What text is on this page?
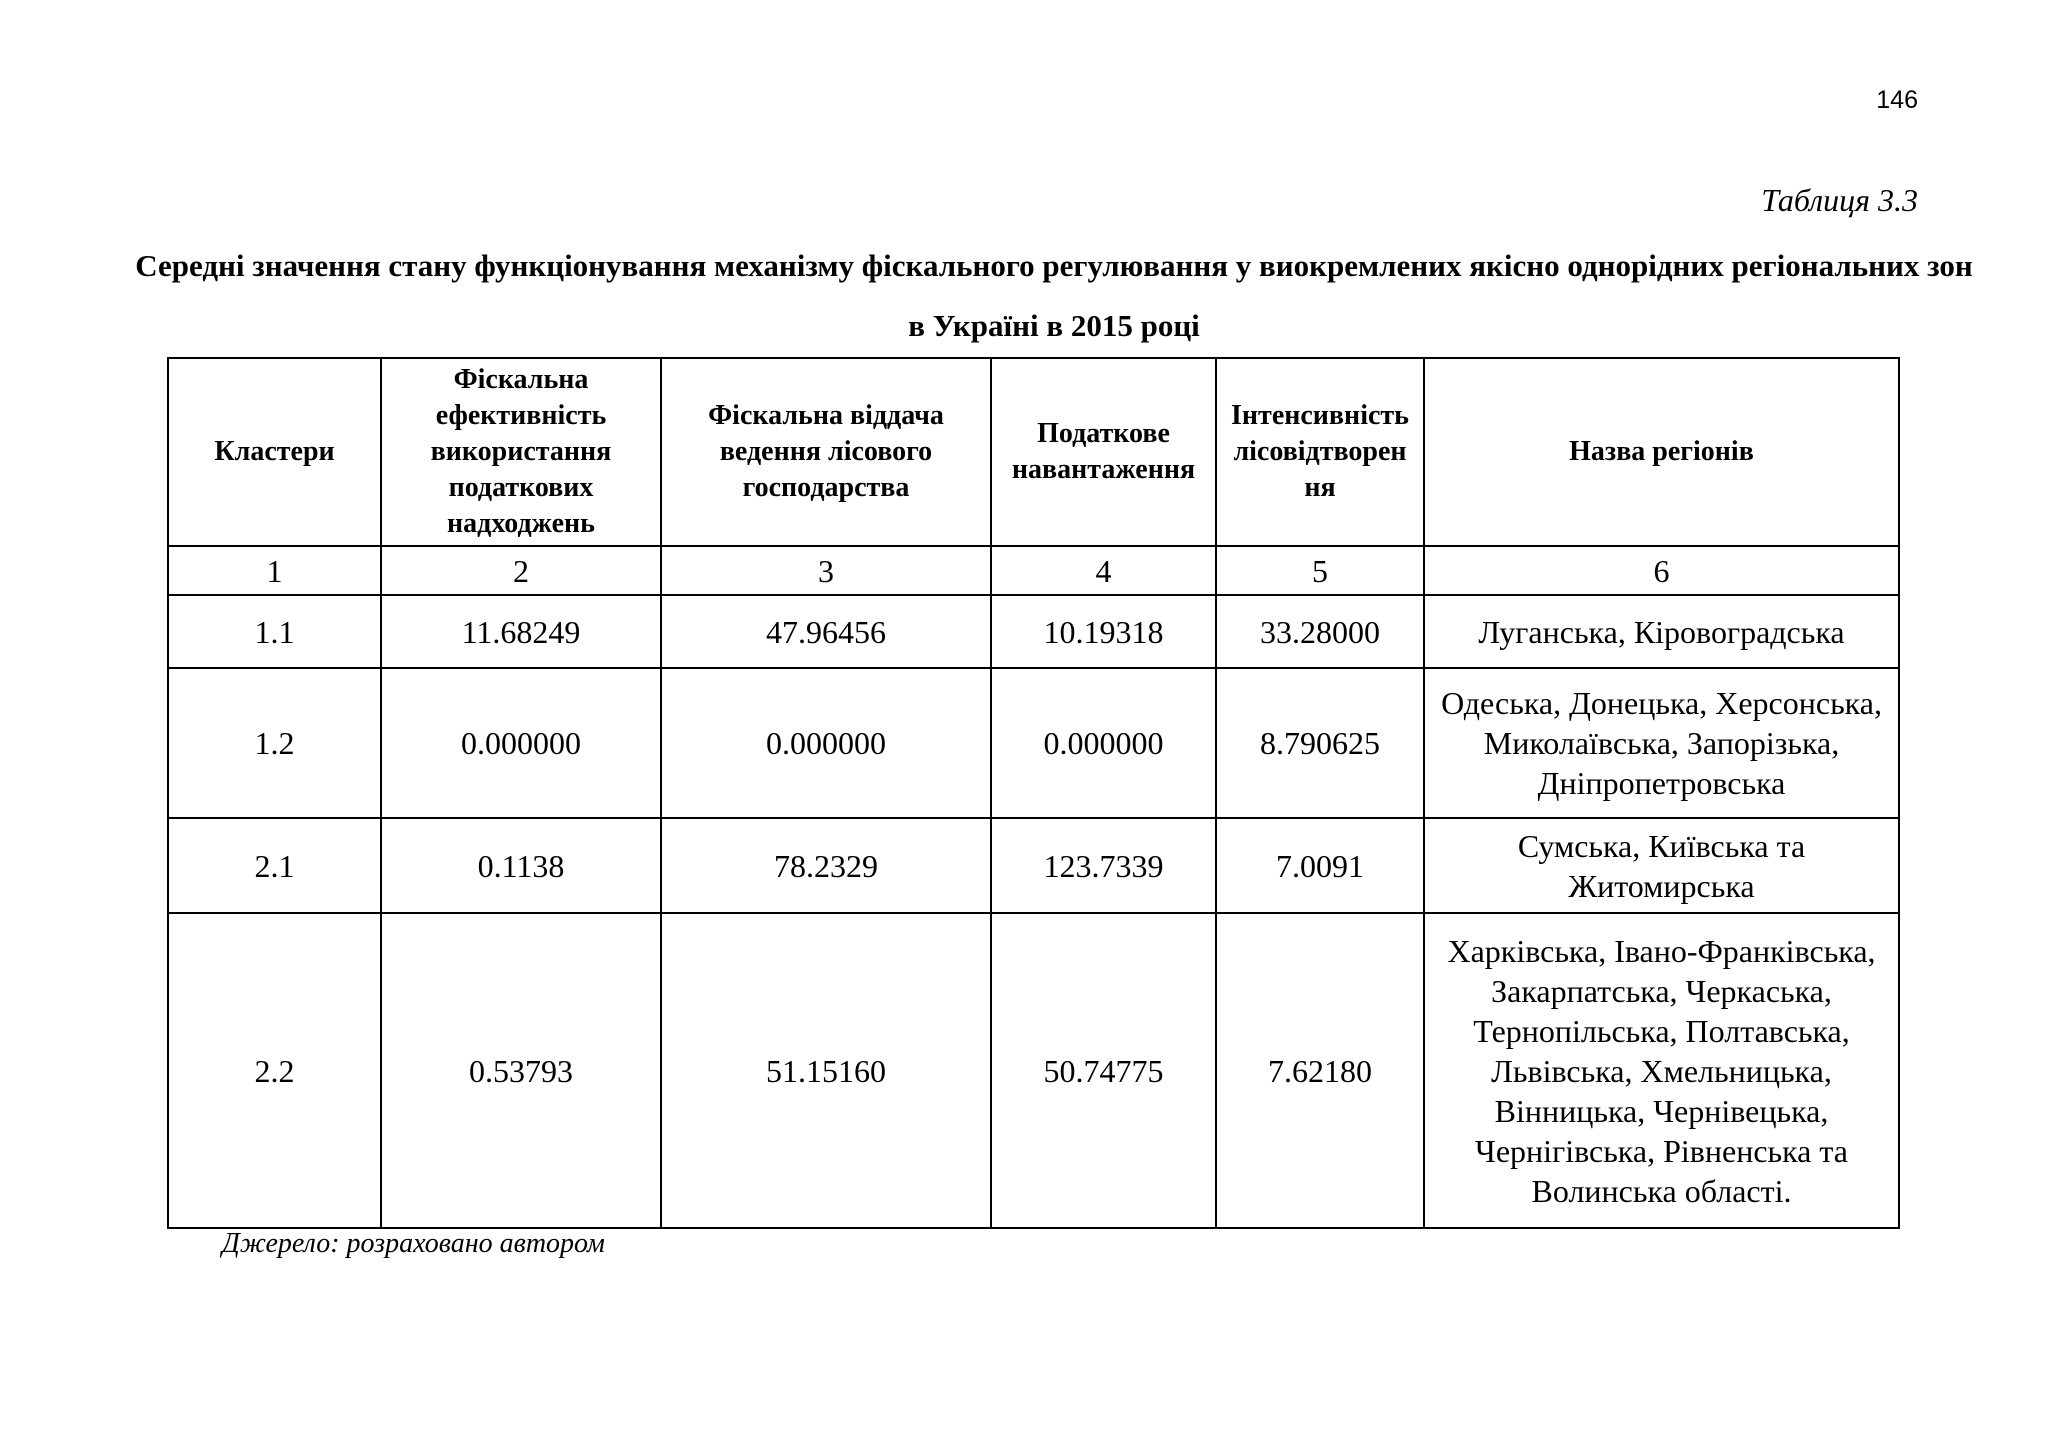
146
Таблиця 3.3
Середні значення стану функціонування механізму фіскального регулювання у виокремлених якісно однорідних регіональних зон в Україні в 2015 році
Кластери	Фіскальна ефективність використання податкових надходжень	Фіскальна віддача ведення лісового господарства	Податкове навантаження	Інтенсивність лісовідтворен ня	Назва регіонів
1	2	3	4	5	6
1.1	11.68249	47.96456	10.19318	33.28000	Луганська, Кіровоградська
1.2	0.000000	0.000000	0.000000	8.790625	Одеська, Донецька, Херсонська, Миколаївська, Запорізька, Дніпропетровська
2.1	0.1138	78.2329	123.7339	7.0091	Сумська, Київська та Житомирська
2.2	0.53793	51.15160	50.74775	7.62180	Харківська, Івано-Франківська, Закарпатська, Черкаська, Тернопільська, Полтавська, Львівська, Хмельницька, Вінницька, Чернівецька, Чернігівська, Рівненська та Волинська області.
Джерело: розраховано автором
